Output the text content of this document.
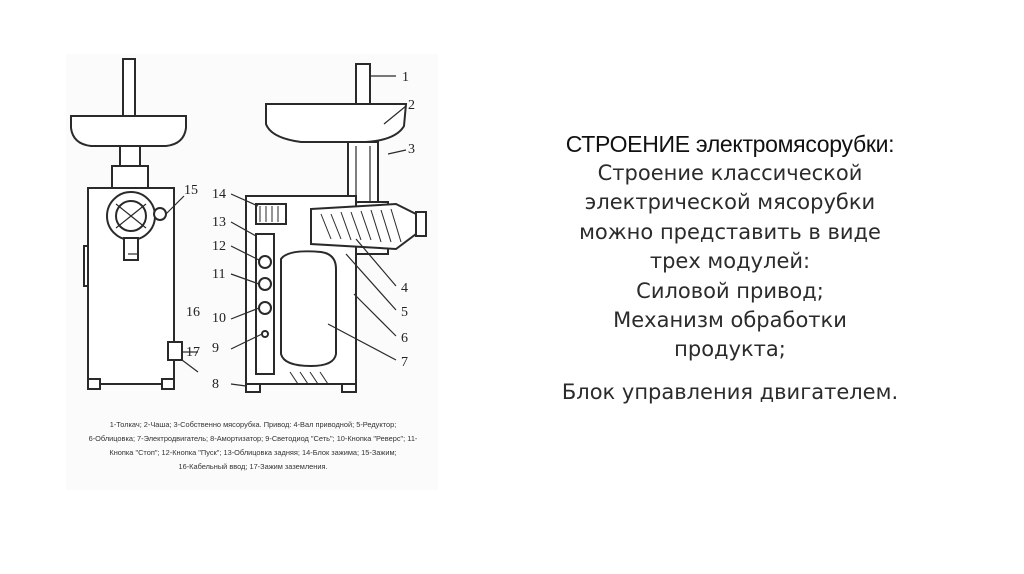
1
2
3
4
5
6
7
8
9
10
11
12
13
14
15
16
17
1-Толкач; 2-Чаша; 3-Собственно мясорубка. Привод: 4-Вал приводной; 5-Редуктор;
6-Облицовка; 7-Электродвигатель; 8-Амортизатор; 9-Светодиод "Сеть"; 10-Кнопка "Реверс"; 11-
Кнопка "Стоп"; 12-Кнопка "Пуск"; 13-Облицовка задняя; 14-Блок зажима; 15-Зажим;
16-Кабельный ввод; 17-Зажим заземления.
СТРОЕНИЕ электромясорубки:
Строение классической
электрической мясорубки
можно представить в виде
трех модулей:
Силовой привод;
Механизм обработки
продукта;
Блок управления двигателем.
